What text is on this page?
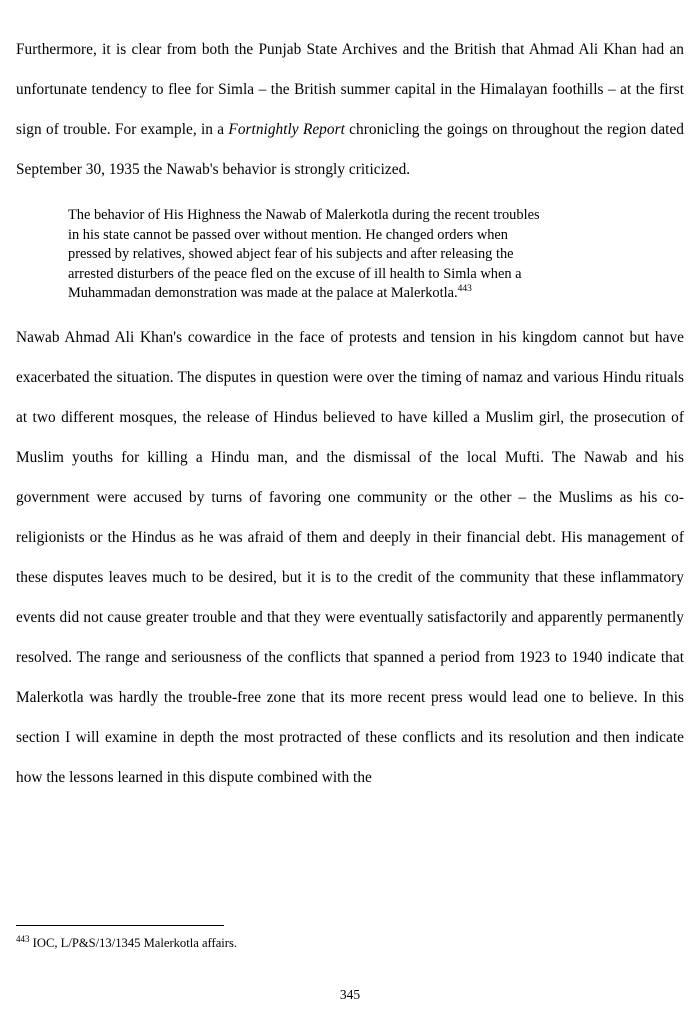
Furthermore, it is clear from both the Punjab State Archives and the British that Ahmad Ali Khan had an unfortunate tendency to flee for Simla – the British summer capital in the Himalayan foothills – at the first sign of trouble. For example, in a Fortnightly Report chronicling the goings on throughout the region dated September 30, 1935 the Nawab's behavior is strongly criticized.

The behavior of His Highness the Nawab of Malerkotla during the recent troubles
in his state cannot be passed over without mention. He changed orders when
pressed by relatives, showed abject fear of his subjects and after releasing the
arrested disturbers of the peace fled on the excuse of ill health to Simla when a
Muhammadan demonstration was made at the palace at Malerkotla.$^{443}$

Nawab Ahmad Ali Khan's cowardice in the face of protests and tension in his kingdom cannot but have exacerbated the situation. The disputes in question were over the timing of namaz and various Hindu rituals at two different mosques, the release of Hindus believed to have killed a Muslim girl, the prosecution of Muslim youths for killing a Hindu man, and the dismissal of the local Mufti. The Nawab and his government were accused by turns of favoring one community or the other – the Muslims as his co-religionists or the Hindus as he was afraid of them and deeply in their financial debt. His management of these disputes leaves much to be desired, but it is to the credit of the community that these inflammatory events did not cause greater trouble and that they were eventually satisfactorily and apparently permanently resolved. The range and seriousness of the conflicts that spanned a period from 1923 to 1940 indicate that Malerkotla was hardly the trouble-free zone that its more recent press would lead one to believe. In this section I will examine in depth the most protracted of these conflicts and its resolution and then indicate how the lessons learned in this dispute combined with the

$^{443}$ IOC, L/P&S/13/1345 Malerkotla affairs.
345
